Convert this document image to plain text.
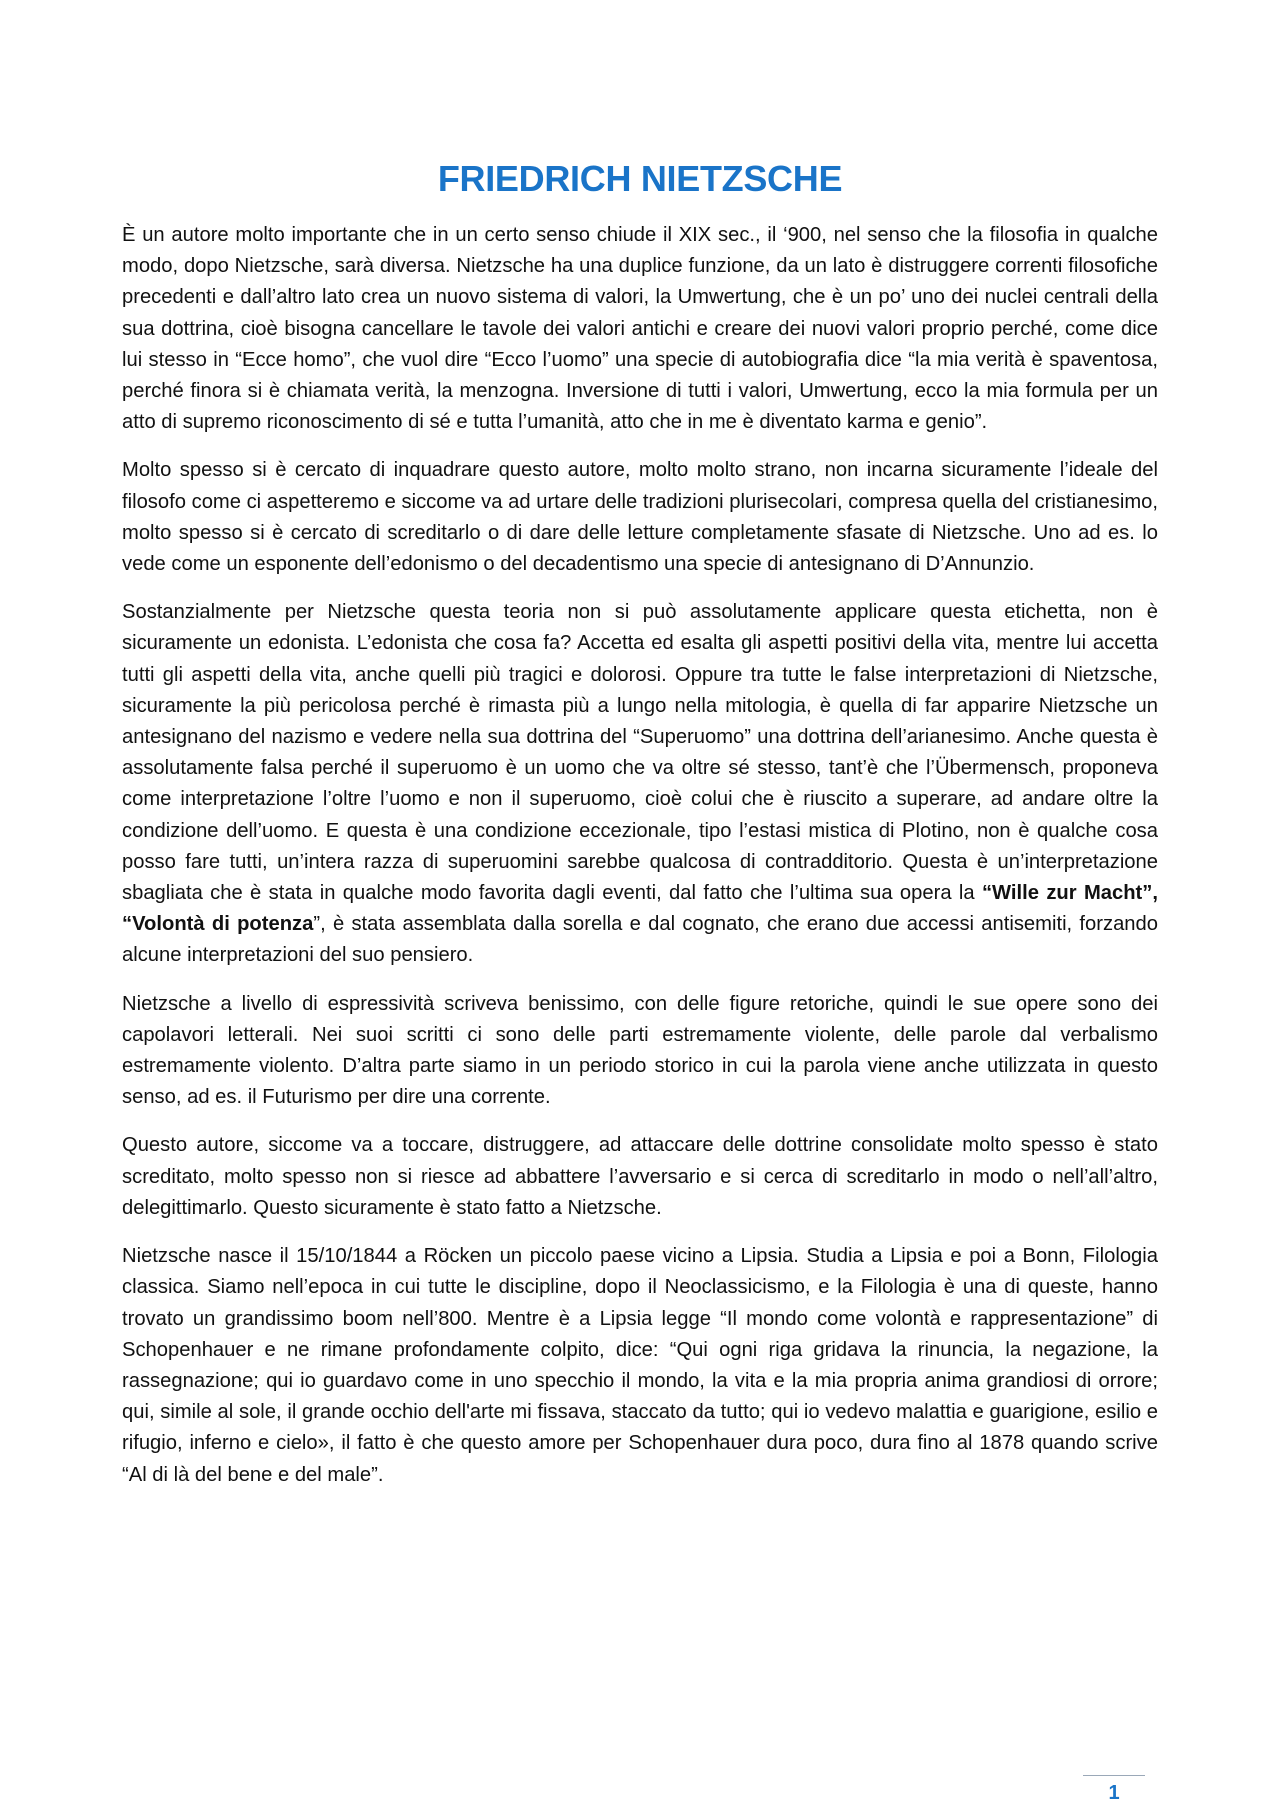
FRIEDRICH NIETZSCHE

È un autore molto importante che in un certo senso chiude il XIX sec., il ‘900, nel senso che la filosofia in qualche modo, dopo Nietzsche, sarà diversa. Nietzsche ha una duplice funzione, da un lato è distruggere correnti filosofiche precedenti e dall’altro lato crea un nuovo sistema di valori, la Umwertung, che è un po’ uno dei nuclei centrali della sua dottrina, cioè bisogna cancellare le tavole dei valori antichi e creare dei nuovi valori proprio perché, come dice lui stesso in “Ecce homo”, che vuol dire “Ecco l’uomo” una specie di autobiografia dice “la mia verità è spaventosa, perché finora si è chiamata verità, la menzogna. Inversione di tutti i valori, Umwertung, ecco la mia formula per un atto di supremo riconoscimento di sé e tutta l’umanità, atto che in me è diventato karma e genio”.

Molto spesso si è cercato di inquadrare questo autore, molto molto strano, non incarna sicuramente l’ideale del filosofo come ci aspetteremo e siccome va ad urtare delle tradizioni plurisecolari, compresa quella del cristianesimo, molto spesso si è cercato di screditarlo o di dare delle letture completamente sfasate di Nietzsche. Uno ad es. lo vede come un esponente dell’edonismo o del decadentismo una specie di antesignano di D’Annunzio.

Sostanzialmente per Nietzsche questa teoria non si può assolutamente applicare questa etichetta, non è sicuramente un edonista. L’edonista che cosa fa? Accetta ed esalta gli aspetti positivi della vita, mentre lui accetta tutti gli aspetti della vita, anche quelli più tragici e dolorosi. Oppure tra tutte le false interpretazioni di Nietzsche, sicuramente la più pericolosa perché è rimasta più a lungo nella mitologia, è quella di far apparire Nietzsche un antesignano del nazismo e vedere nella sua dottrina del “Superuomo” una dottrina dell’arianesimo. Anche questa è assolutamente falsa perché il superuomo è un uomo che va oltre sé stesso, tant’è che l’Übermensch, proponeva come interpretazione l’oltre l’uomo e non il superuomo, cioè colui che è riuscito a superare, ad andare oltre la condizione dell’uomo. E questa è una condizione eccezionale, tipo l’estasi mistica di Plotino, non è qualche cosa posso fare tutti, un’intera razza di superuomini sarebbe qualcosa di contradditorio. Questa è un’interpretazione sbagliata che è stata in qualche modo favorita dagli eventi, dal fatto che l’ultima sua opera la “Wille zur Macht”, “Volontà di potenza”, è stata assemblata dalla sorella e dal cognato, che erano due accessi antisemiti, forzando alcune interpretazioni del suo pensiero.

Nietzsche a livello di espressività scriveva benissimo, con delle figure retoriche, quindi le sue opere sono dei capolavori letterali. Nei suoi scritti ci sono delle parti estremamente violente, delle parole dal verbalismo estremamente violento. D’altra parte siamo in un periodo storico in cui la parola viene anche utilizzata in questo senso, ad es. il Futurismo per dire una corrente.

Questo autore, siccome va a toccare, distruggere, ad attaccare delle dottrine consolidate molto spesso è stato screditato, molto spesso non si riesce ad abbattere l’avversario e si cerca di screditarlo in modo o nell’all’altro, delegittimarlo. Questo sicuramente è stato fatto a Nietzsche.

Nietzsche nasce il 15/10/1844 a Röcken un piccolo paese vicino a Lipsia. Studia a Lipsia e poi a Bonn, Filologia classica. Siamo nell’epoca in cui tutte le discipline, dopo il Neoclassicismo, e la Filologia è una di queste, hanno trovato un grandissimo boom nell’800. Mentre è a Lipsia legge “Il mondo come volontà e rappresentazione” di Schopenhauer e ne rimane profondamente colpito, dice: “Qui ogni riga gridava la rinuncia, la negazione, la rassegnazione; qui io guardavo come in uno specchio il mondo, la vita e la mia propria anima grandiosi di orrore; qui, simile al sole, il grande occhio dell'arte mi fissava, staccato da tutto; qui io vedevo malattia e guarigione, esilio e rifugio, inferno e cielo», il fatto è che questo amore per Schopenhauer dura poco, dura fino al 1878 quando scrive “Al di là del bene e del male”.

1
